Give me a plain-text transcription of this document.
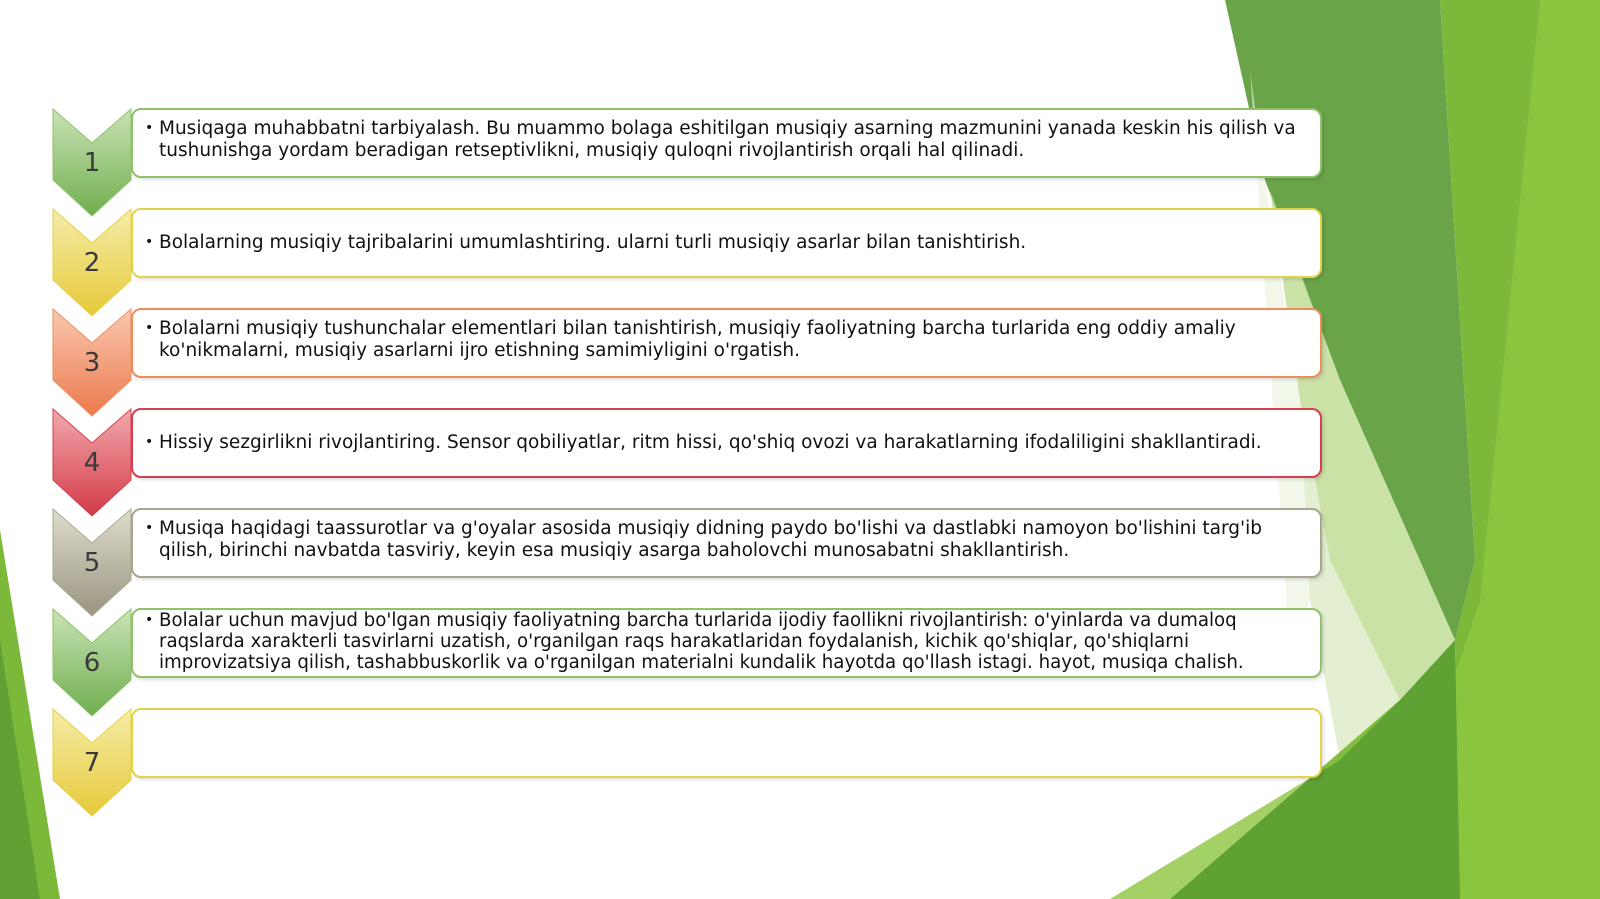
1
• Musiqaga muhabbatni tarbiyalash. Bu muammo bolaga eshitilgan musiqiy asarning mazmunini yanada keskin his qilish va tushunishga yordam beradigan retseptivlikni, musiqiy quloqni rivojlantirish orqali hal qilinadi.
2
• Bolalarning musiqiy tajribalarini umumlashtiring. ularni turli musiqiy asarlar bilan tanishtirish.
3
• Bolalarni musiqiy tushunchalar elementlari bilan tanishtirish, musiqiy faoliyatning barcha turlarida eng oddiy amaliy ko'nikmalarni, musiqiy asarlarni ijro etishning samimiyligini o'rgatish.
4
• Hissiy sezgirlikni rivojlantiring. Sensor qobiliyatlar, ritm hissi, qo'shiq ovozi va harakatlarning ifodaliligini shakllantiradi.
5
• Musiqa haqidagi taassurotlar va g'oyalar asosida musiqiy didning paydo bo'lishi va dastlabki namoyon bo'lishini targ'ib qilish, birinchi navbatda tasviriy, keyin esa musiqiy asarga baholovchi munosabatni shakllantirish.
6
• Bolalar uchun mavjud bo'lgan musiqiy faoliyatning barcha turlarida ijodiy faollikni rivojlantirish: o'yinlarda va dumaloq raqslarda xarakterli tasvirlarni uzatish, o'rganilgan raqs harakatlaridan foydalanish, kichik qo'shiqlar, qo'shiqlarni improvizatsiya qilish, tashabbuskorlik va o'rganilgan materialni kundalik hayotda qo'llash istagi. hayot, musiqa chalish.
7
